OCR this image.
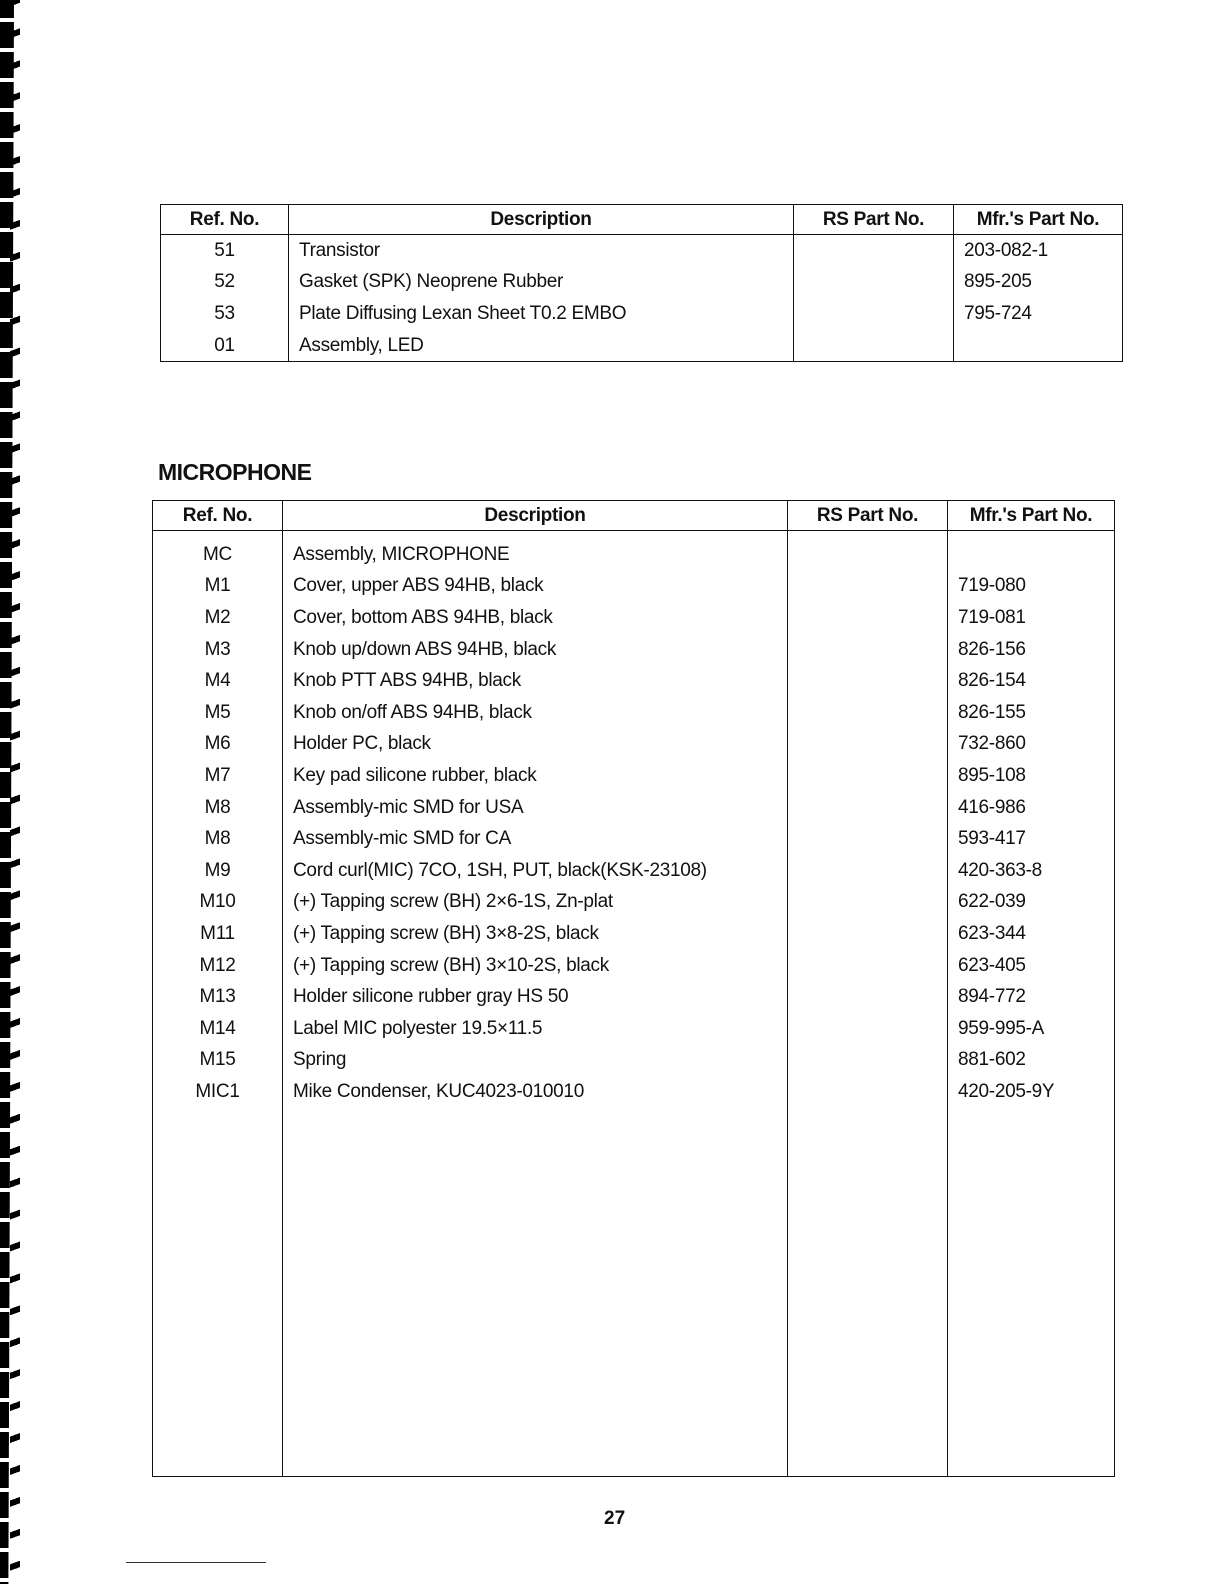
Ref. No.	Description	RS Part No.	Mfr.'s Part No.
51	Transistor		203-082-1
52	Gasket (SPK) Neoprene Rubber		895-205
53	Plate Diffusing Lexan Sheet T0.2 EMBO		795-724
01	Assembly, LED		
MICROPHONE
Ref. No.	Description	RS Part No.	Mfr.'s Part No.
MC	Assembly, MICROPHONE		
M1	Cover, upper ABS 94HB, black		719-080
M2	Cover, bottom ABS 94HB, black		719-081
M3	Knob up/down ABS 94HB, black		826-156
M4	Knob PTT ABS 94HB, black		826-154
M5	Knob on/off ABS 94HB, black		826-155
M6	Holder PC, black		732-860
M7	Key pad silicone rubber, black		895-108
M8	Assembly-mic SMD for USA		416-986
M8	Assembly-mic SMD for CA		593-417
M9	Cord curl(MIC) 7CO, 1SH, PUT, black(KSK-23108)		420-363-8
M10	(+) Tapping screw (BH) 2×6-1S, Zn-plat		622-039
M11	(+) Tapping screw (BH) 3×8-2S, black		623-344
M12	(+) Tapping screw (BH) 3×10-2S, black		623-405
M13	Holder silicone rubber gray HS 50		894-772
M14	Label MIC polyester 19.5×11.5		959-995-A
M15	Spring		881-602
MIC1	Mike Condenser, KUC4023-010010		420-205-9Y

27
